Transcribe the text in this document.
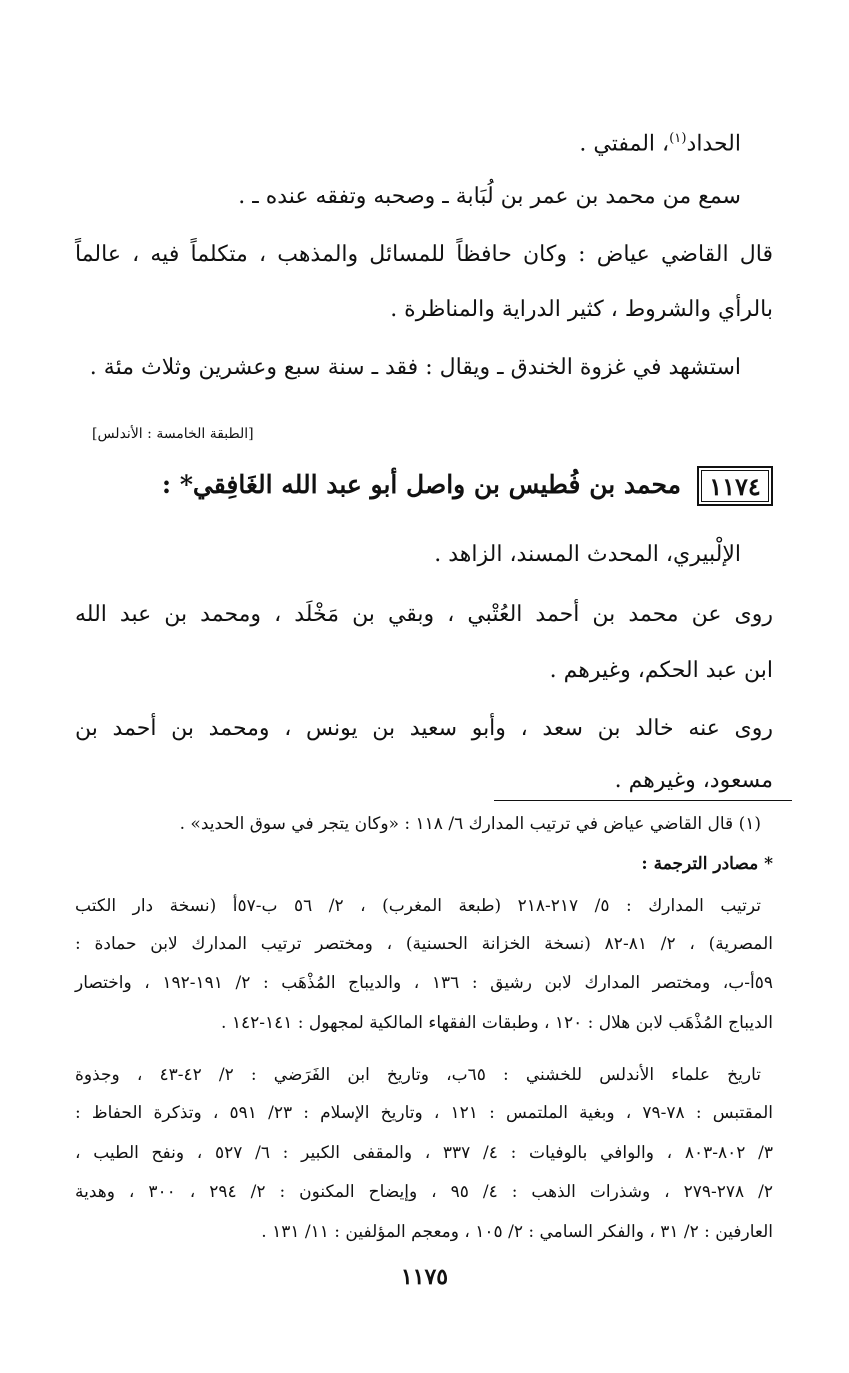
الحداد$^{(١)}$، المفتي .
سمع من محمد بن عمر بن لُبَابة ـ وصحبه وتفقه عنده ـ .
قال القاضي عياض : وكان حافظاً للمسائل والمذهب ، متكلماً فيه ، عالماً
بالرأي والشروط ، كثير الدراية والمناظرة .
استشهد في غزوة الخندق ـ ويقال : فقد ـ سنة سبع وعشرين وثلاث مئة .
[الطبقة الخامسة : الأندلس]
١١٧٤
محمد بن فُطيس بن واصل أبو عبد الله الغَافِقي* :
الإلْبيري، المحدث المسند، الزاهد .
روى عن محمد بن أحمد العُتْبي ، وبقي بن مَخْلَد ، ومحمد بن عبد الله
ابن عبد الحكم، وغيرهم .
روى عنه خالد بن سعد ، وأبو سعيد بن يونس ، ومحمد بن أحمد بن
مسعود، وغيرهم .
(١) قال القاضي عياض في ترتيب المدارك ٦/ ١١٨ : «وكان يتجر في سوق الحديد» .
* مصادر الترجمة :
ترتيب المدارك : ٥/ ٢١٧-٢١٨ (طبعة المغرب) ، ٢/ ٥٦ ب-٥٧أ (نسخة دار الكتب
المصرية) ، ٢/ ٨١-٨٢ (نسخة الخزانة الحسنية) ، ومختصر ترتيب المدارك لابن حمادة :
٥٩أ-ب، ومختصر المدارك لابن رشيق : ١٣٦ ، والديباج المُذْهَب : ٢/ ١٩١-١٩٢ ، واختصار
الديباج المُذْهَب لابن هلال : ١٢٠ ، وطبقات الفقهاء المالكية لمجهول : ١٤١-١٤٢ .
تاريخ علماء الأندلس للخشني : ٦٥ب، وتاريخ ابن الفَرَضي : ٢/ ٤٢-٤٣ ، وجذوة
المقتبس : ٧٨-٧٩ ، وبغية الملتمس : ١٢١ ، وتاريخ الإسلام : ٢٣/ ٥٩١ ، وتذكرة الحفاظ :
٣/ ٨٠٢-٨٠٣ ، والوافي بالوفيات : ٤/ ٣٣٧ ، والمقفى الكبير : ٦/ ٥٢٧ ، ونفح الطيب ،
٢/ ٢٧٨-٢٧٩ ، وشذرات الذهب : ٤/ ٩٥ ، وإيضاح المكنون : ٢/ ٢٩٤ ، ٣٠٠ ، وهدية
العارفين : ٢/ ٣١ ، والفكر السامي : ٢/ ١٠٥ ، ومعجم المؤلفين : ١١/ ١٣١ .
١١٧٥
